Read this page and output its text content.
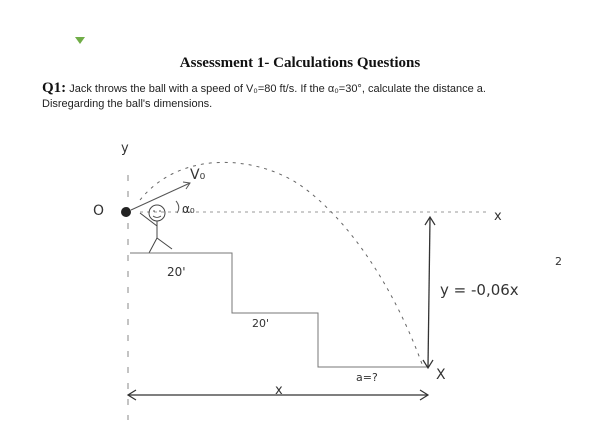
Assessment 1- Calculations Questions
Q1: Jack throws the ball with a speed of V₀=80 ft/s. If the α₀=30°, calculate the distance a.
Disregarding the ball's dimensions.
y
O	x
V₀
α₀
20'
20'
a=?	X
y = -0,06x
2
x
